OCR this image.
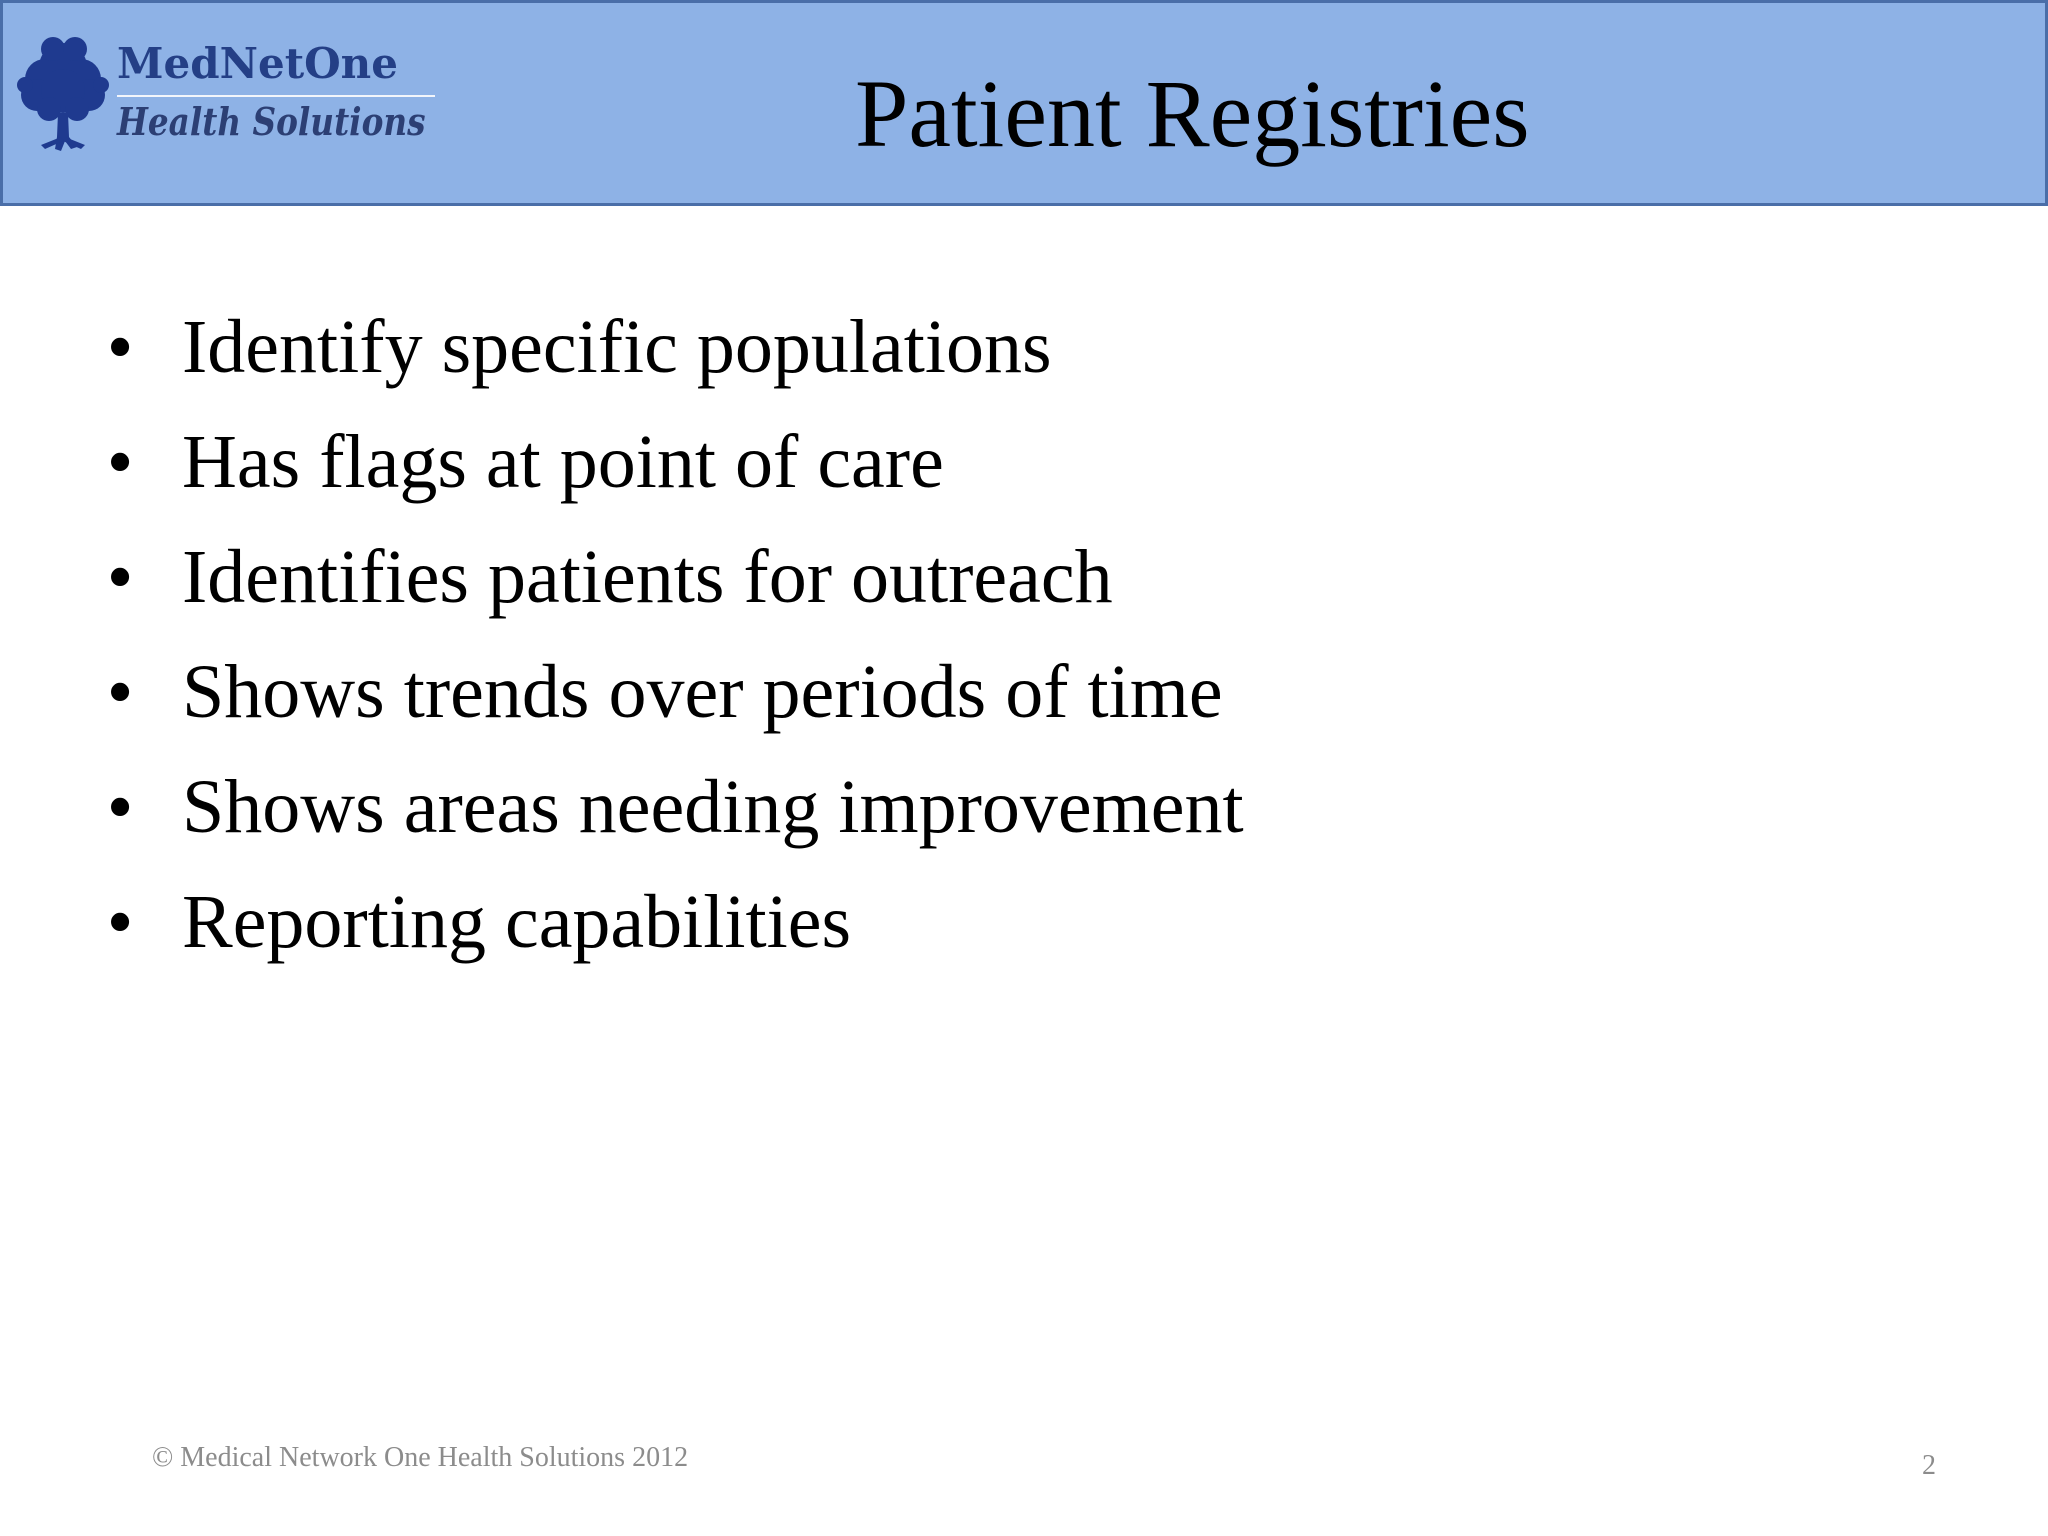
MedNetOne
Health Solutions	Patient Registries
• Identify specific populations
• Has flags at point of care
• Identifies patients for outreach
• Shows trends over periods of time
• Shows areas needing improvement
• Reporting capabilities
© Medical Network One Health Solutions 2012	2
